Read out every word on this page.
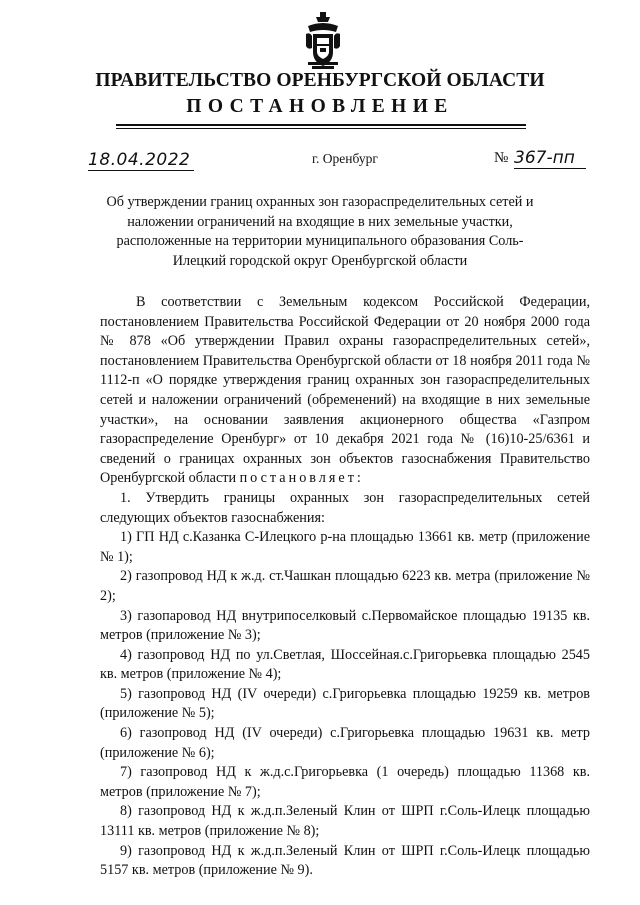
ПРАВИТЕЛЬСТВО ОРЕНБУРГСКОЙ ОБЛАСТИ
ПОСТАНОВЛЕНИЕ
18.04.2022	г. Оренбург	№ 367-пп
Об утверждении границ охранных зон газораспределительных сетей и наложении ограничений на входящие в них земельные участки, расположенные на территории муниципального образования Соль-Илецкий городской округ Оренбургской области

В соответствии с Земельным кодексом Российской Федерации, постановлением Правительства Российской Федерации от 20 ноября 2000 года № 878 «Об утверждении Правил охраны газораспределительных сетей», постановлением Правительства Оренбургской области от 18 ноября 2011 года № 1112-п «О порядке утверждения границ охранных зон газораспределительных сетей и наложении ограничений (обременений) на входящие в них земельные участки», на основании заявления акционерного общества «Газпром газораспределение Оренбург» от 10 декабря 2021 года № (16)10-25/6361 и сведений о границах охранных зон объектов газоснабжения Правительство Оренбургской области постановляет:

1. Утвердить границы охранных зон газораспределительных сетей следующих объектов газоснабжения:

1) ГП НД с.Казанка С-Илецкого р-на площадью 13661 кв. метр (приложение № 1);

2) газопровод НД к ж.д. ст.Чашкан площадью 6223 кв. метра (приложение № 2);

3) газопаровод НД внутрипоселковый с.Первомайское площадью 19135 кв. метров (приложение № 3);

4) газопровод НД по ул.Светлая, Шоссейная.с.Григорьевка площадью 2545 кв. метров (приложение № 4);

5) газопровод НД (IV очереди) с.Григорьевка площадью 19259 кв. метров (приложение № 5);

6) газопровод НД (IV очереди) с.Григорьевка площадью 19631 кв. метр (приложение № 6);

7) газопровод НД к ж.д.с.Григорьевка (1 очередь) площадью 11368 кв. метров (приложение № 7);

8) газопровод НД к ж.д.п.Зеленый Клин от ШРП г.Соль-Илецк площадью 13111 кв. метров (приложение № 8);

9) газопровод НД к ж.д.п.Зеленый Клин от ШРП г.Соль-Илецк площадью 5157 кв. метров (приложение № 9).
